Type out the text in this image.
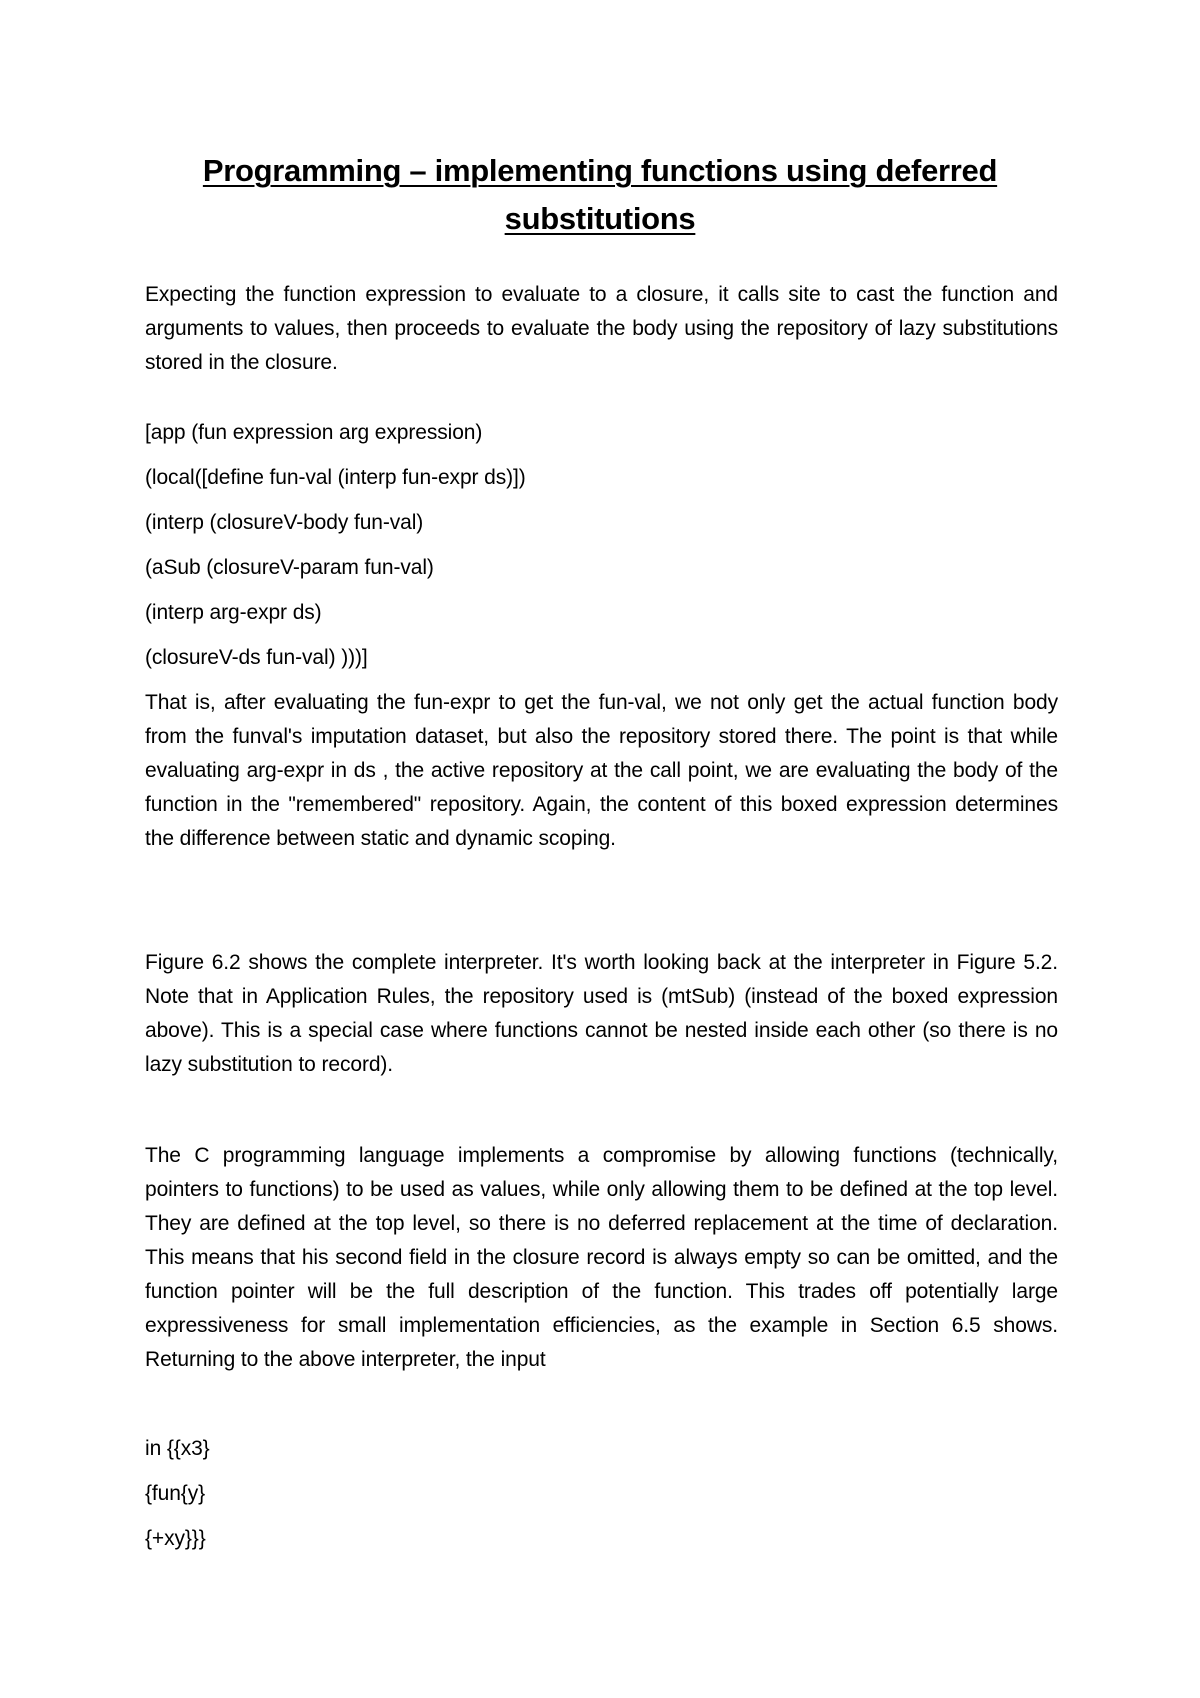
Programming – implementing functions using deferred substitutions

Expecting the function expression to evaluate to a closure, it calls site to cast the function and arguments to values, then proceeds to evaluate the body using the repository of lazy substitutions stored in the closure.

[app (fun expression arg expression)
(local([define fun-val (interp fun-expr ds)])
(interp (closureV-body fun-val)
(aSub (closureV-param fun-val)
(interp arg-expr ds)
(closureV-ds fun-val) )))]

That is, after evaluating the fun-expr to get the fun-val, we not only get the actual function body from the funval's imputation dataset, but also the repository stored there. The point is that while evaluating arg-expr in ds , the active repository at the call point, we are evaluating the body of the function in the "remembered" repository. Again, the content of this boxed expression determines the difference between static and dynamic scoping.

Figure 6.2 shows the complete interpreter. It's worth looking back at the interpreter in Figure 5.2. Note that in Application Rules, the repository used is (mtSub) (instead of the boxed expression above). This is a special case where functions cannot be nested inside each other (so there is no lazy substitution to record).

The C programming language implements a compromise by allowing functions (technically, pointers to functions) to be used as values, while only allowing them to be defined at the top level. They are defined at the top level, so there is no deferred replacement at the time of declaration. This means that his second field in the closure record is always empty so can be omitted, and the function pointer will be the full description of the function. This trades off potentially large expressiveness for small implementation efficiencies, as the example in Section 6.5 shows. Returning to the above interpreter, the input

in {{x3}
{fun{y}
{+xy}}}
